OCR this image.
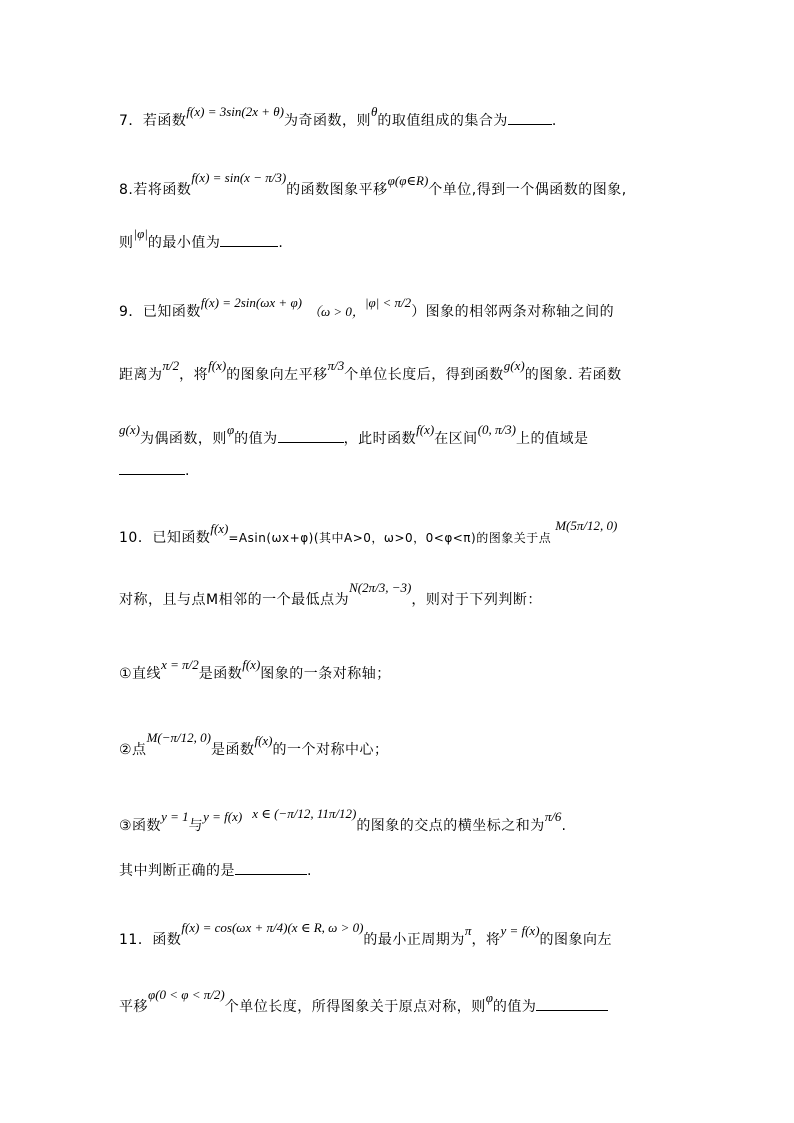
7．若函数f(x) = 3sin(2x + θ)为奇函数，则θ的取值组成的集合为	.
8.若将函数f(x) = sin(x − π/3)的函数图象平移φ(φ∈R)个单位,得到一个偶函数的图象,
则|φ|的最小值为	.
9．已知函数f(x) = 2sin(ωx + φ)（ω > 0，|φ| < π/2）图象的相邻两条对称轴之间的
距离为π/2，将f(x)的图象向左平移π/3个单位长度后，得到函数g(x)的图象. 若函数
g(x)为偶函数，则φ的值为	，此时函数f(x)在区间(0, π/3)上的值域是
.
10．已知函数f(x)=Asin(ωx+φ)(其中A>0，ω>0，0<φ<π)的图象关于点M(5π/12, 0)
对称，且与点M相邻的一个最低点为N(2π/3, −3)，则对于下列判断：
①直线x = π/2是函数f(x)图象的一条对称轴；
②点M(−π/12, 0)是函数f(x)的一个对称中心；
③函数y = 1与y = f(x) x ∈ (−π/12, 11π/12)的图象的交点的横坐标之和为π/6.
其中判断正确的是	.
11．函数f(x) = cos(ωx + π/4)(x ∈ R, ω > 0)的最小正周期为π，将y = f(x)的图象向左
平移φ(0 < φ < π/2)个单位长度，所得图象关于原点对称，则φ的值为
